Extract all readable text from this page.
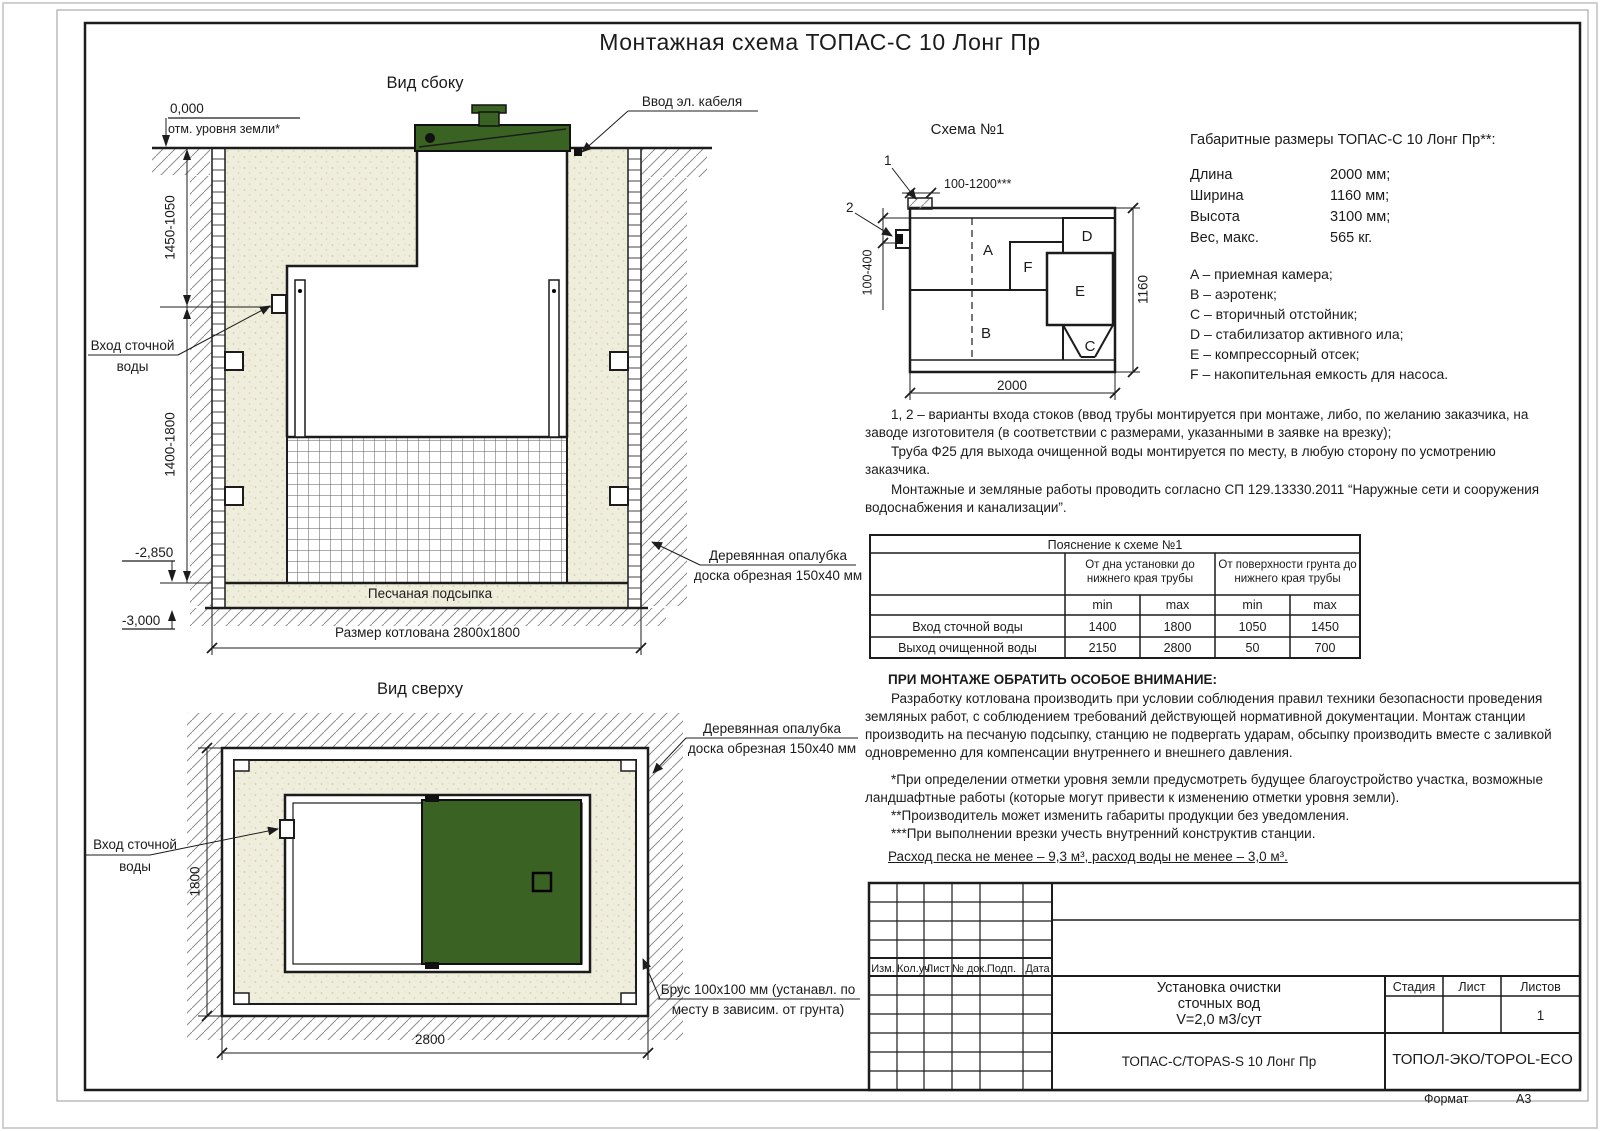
Монтажная схема ТОПАС-С 10 Лонг Пр
Вид сбоку
0,000
отм. уровня земли*
1450-1050
1400-1800
-2,850
-3,000
Вход сточной
воды
Ввод эл. кабеля
Деревянная опалубка
доска обрезная 150х40 мм
Песчаная подсыпка
Размер котлована 2800х1800
Вид сверху
Вход сточной
воды
Деревянная опалубка
доска обрезная 150х40 мм
Брус 100х100 мм (устанавл. по
месту в зависим. от грунта)
1800
2800
Схема №1
1
2
100-1200***
100-400
2000
1160
A
B
C
D
E
F
Габаритные размеры ТОПАС-С 10 Лонг Пр**:
Длина	2000 мм;
Ширина	1160 мм;
Высота	3100 мм;
Вес, макс.	565 кг.
A – приемная камера;
B – аэротенк;
C – вторичный отстойник;
D – стабилизатор активного ила;
E – компрессорный отсек;
F – накопительная емкость для насоса.
1, 2 – варианты входа стоков (ввод трубы монтируется при монтаже, либо, по желанию заказчика, на заводе изготовителя (в соответствии с размерами, указанными в заявке на врезку);
Труба Ф25 для выхода очищенной воды монтируется по месту, в любую сторону по усмотрению заказчика.
Монтажные и земляные работы проводить согласно СП 129.13330.2011 “Наружные сети и сооружения водоснабжения и канализации”.
ПРИ МОНТАЖЕ ОБРАТИТЬ ОСОБОЕ ВНИМАНИЕ:
Разработку котлована производить при условии соблюдения правил техники безопасности проведения земляных работ, с соблюдением требований действующей нормативной документации. Монтаж станции производить на песчаную подсыпку, станцию не подвергать ударам, обсыпку производить вместе с заливкой одновременно для компенсации внутреннего и внешнего давления.
*При определении отметки уровня земли предусмотреть будущее благоустройство участка, возможные ландшафтные работы (которые могут привести к изменению отметки уровня земли).
**Производитель может изменить габариты продукции без уведомления.
***При выполнении врезки учесть внутренний конструктив станции.
Расход песка не менее – 9,3 м³, расход воды не менее – 3,0 м³.
Пояснение к схеме №1
От дна установки до нижнего края трубы
От поверхности грунта до нижнего края трубы
min	max	min	max
Вход сточной воды	1400	1800	1050	1450
Выход очищенной воды	2150	2800	50	700
Изм. Кол.уч
Лист № док. Подп. Дата
Установка очистки
сточных вод
V=2,0 м3/сут
Стадия	Лист	Листов
1
ТОПАС-С/TOPAS-S 10 Лонг Пр	ТОПОЛ-ЭКО/TOPOL-ECO
Формат	А3
